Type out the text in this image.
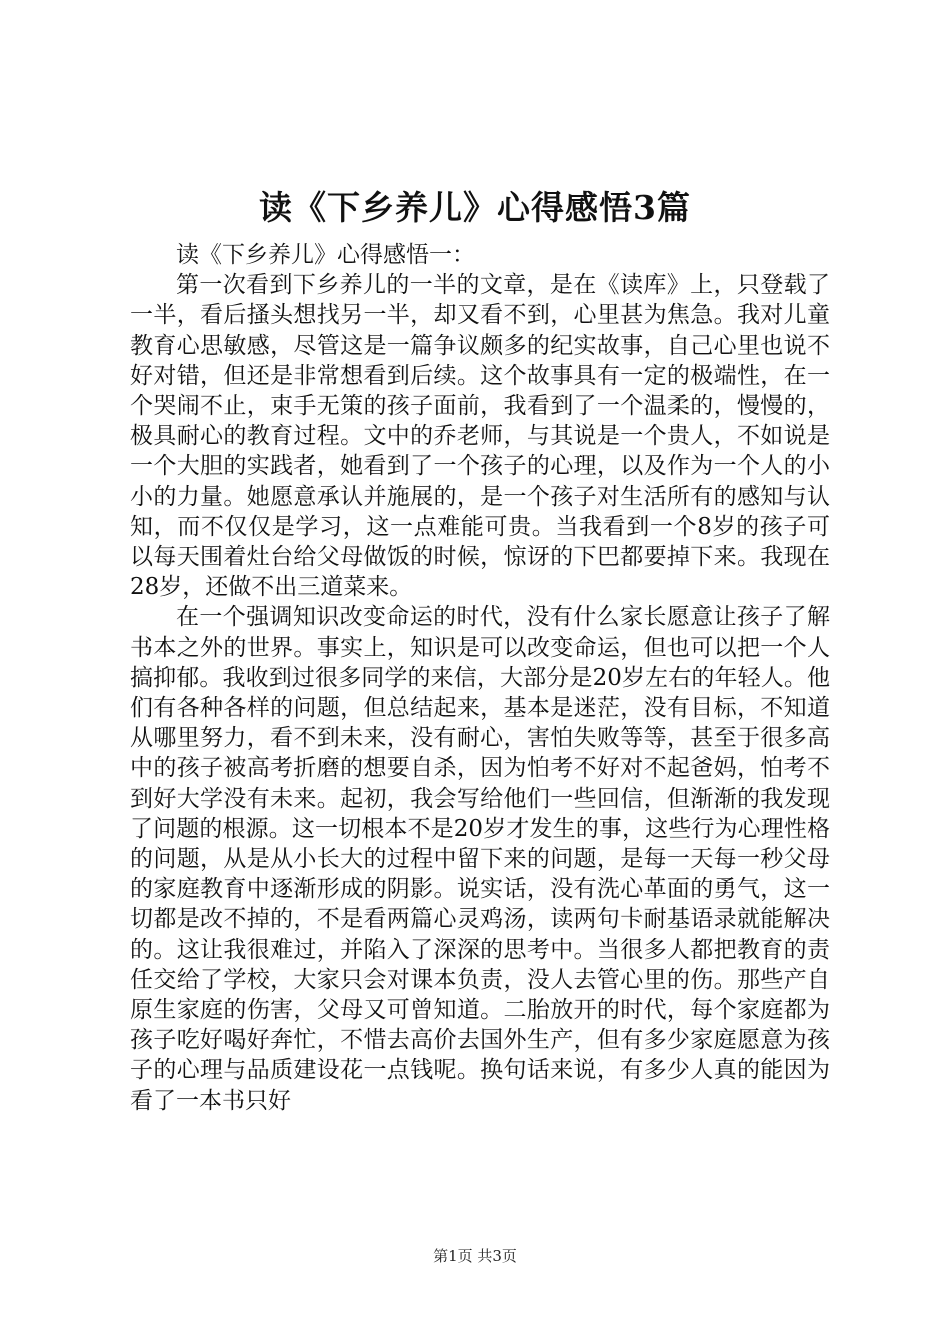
读《下乡养儿》心得感悟3篇

读《下乡养儿》心得感悟一：

第一次看到下乡养儿的一半的文章，是在《读库》上，只登载了一半，看后搔头想找另一半，却又看不到，心里甚为焦急。我对儿童教育心思敏感，尽管这是一篇争议颇多的纪实故事，自己心里也说不好对错，但还是非常想看到后续。这个故事具有一定的极端性，在一个哭闹不止，束手无策的孩子面前，我看到了一个温柔的，慢慢的，极具耐心的教育过程。文中的乔老师，与其说是一个贵人，不如说是一个大胆的实践者，她看到了一个孩子的心理，以及作为一个人的小小的力量。她愿意承认并施展的，是一个孩子对生活所有的感知与认知，而不仅仅是学习，这一点难能可贵。当我看到一个8岁的孩子可以每天围着灶台给父母做饭的时候，惊讶的下巴都要掉下来。我现在28岁，还做不出三道菜来。

在一个强调知识改变命运的时代，没有什么家长愿意让孩子了解书本之外的世界。事实上，知识是可以改变命运，但也可以把一个人搞抑郁。我收到过很多同学的来信，大部分是20岁左右的年轻人。他们有各种各样的问题，但总结起来，基本是迷茫，没有目标，不知道从哪里努力，看不到未来，没有耐心，害怕失败等等，甚至于很多高中的孩子被高考折磨的想要自杀，因为怕考不好对不起爸妈，怕考不到好大学没有未来。起初，我会写给他们一些回信，但渐渐的我发现了问题的根源。这一切根本不是20岁才发生的事，这些行为心理性格的问题，从是从小长大的过程中留下来的问题，是每一天每一秒父母的家庭教育中逐渐形成的阴影。说实话，没有洗心革面的勇气，这一切都是改不掉的，不是看两篇心灵鸡汤，读两句卡耐基语录就能解决的。这让我很难过，并陷入了深深的思考中。当很多人都把教育的责任交给了学校，大家只会对课本负责，没人去管心里的伤。那些产自原生家庭的伤害，父母又可曾知道。二胎放开的时代，每个家庭都为孩子吃好喝好奔忙，不惜去高价去国外生产，但有多少家庭愿意为孩子的心理与品质建设花一点钱呢。换句话来说，有多少人真的能因为看了一本书只好

第1页 共3页
